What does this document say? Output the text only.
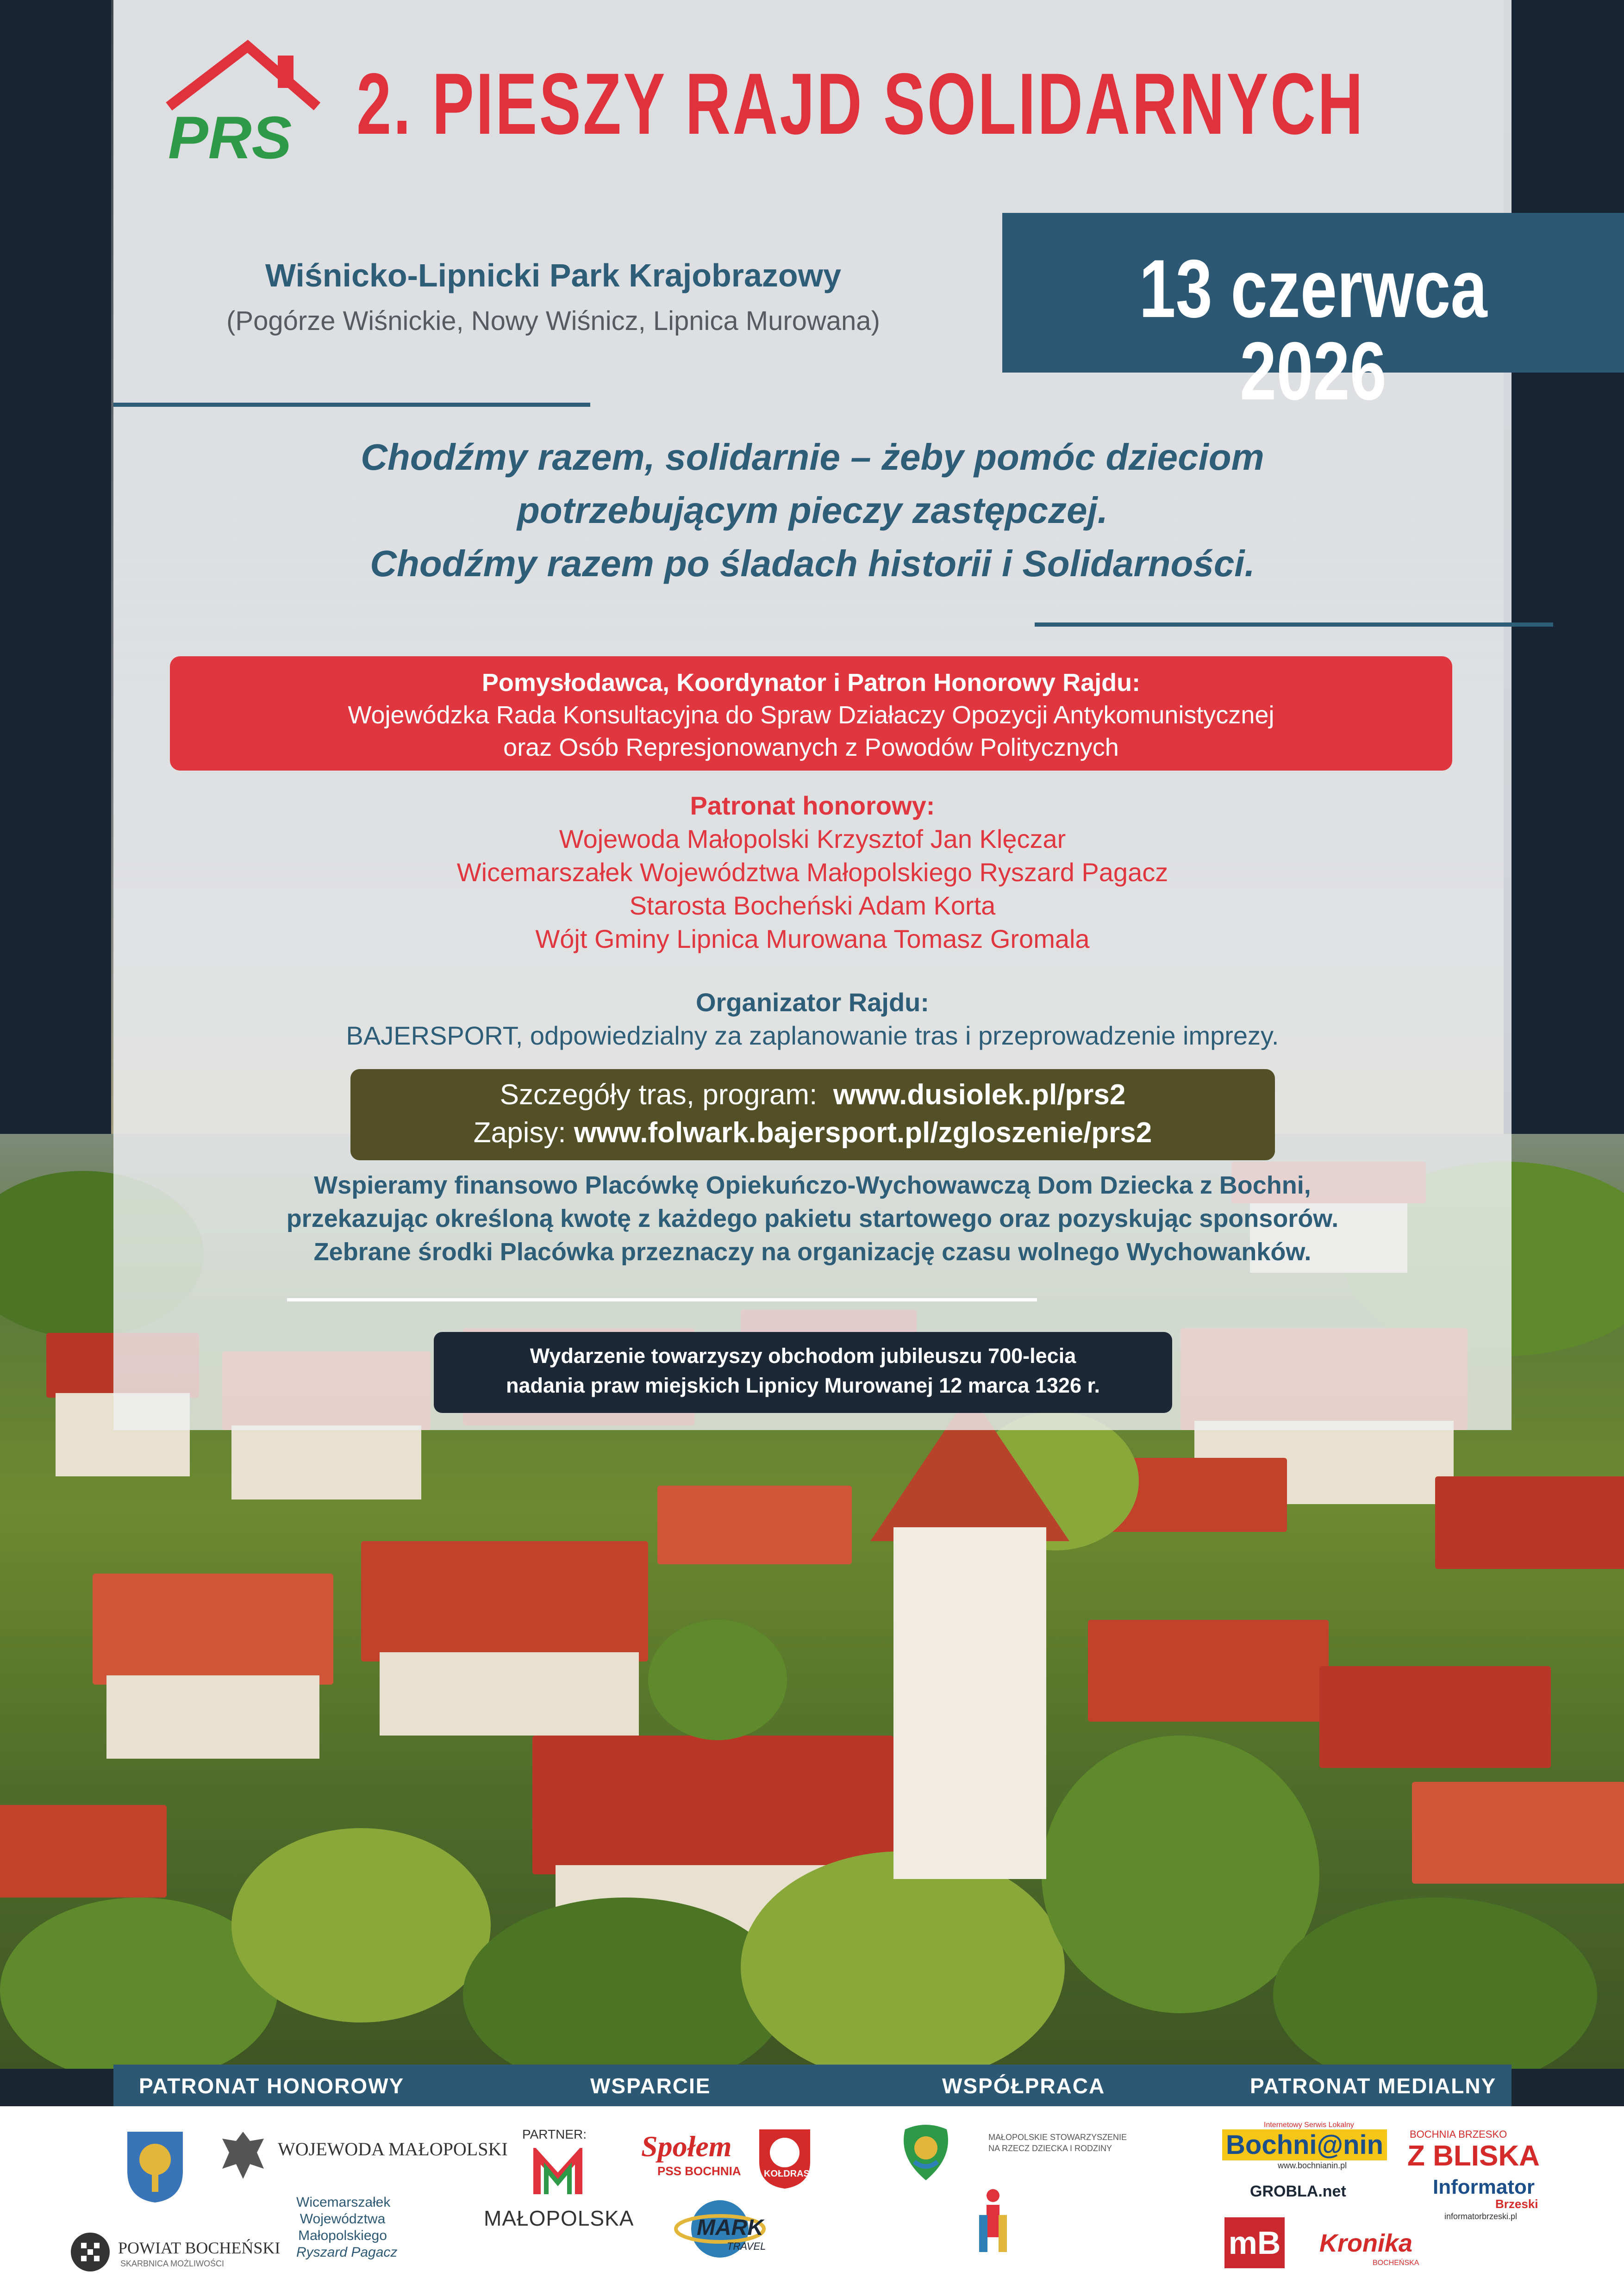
PRS 2. PIESZY RAJD SOLIDARNYCH
Wiśnicko-Lipnicki Park Krajobrazowy
(Pogórze Wiśnickie, Nowy Wiśnicz, Lipnica Murowana)	13 czerwca 2026
Chodźmy razem, solidarnie – żeby pomóc dzieciom
potrzebującym pieczy zastępczej.
Chodźmy razem po śladach historii i Solidarności.
Pomysłodawca, Koordynator i Patron Honorowy Rajdu:
Wojewódzka Rada Konsultacyjna do Spraw Działaczy Opozycji Antykomunistycznej
oraz Osób Represjonowanych z Powodów Politycznych
Patronat honorowy:
Wojewoda Małopolski Krzysztof Jan Klęczar
Wicemarszałek Województwa Małopolskiego Ryszard Pagacz
Starosta Bocheński Adam Korta
Wójt Gminy Lipnica Murowana Tomasz Gromala
Organizator Rajdu:
BAJERSPORT, odpowiedzialny za zaplanowanie tras i przeprowadzenie imprezy.
Szczegóły tras, program: www.dusiolek.pl/prs2
Zapisy: www.folwark.bajersport.pl/zgloszenie/prs2
Wspieramy finansowo Placówkę Opiekuńczo-Wychowawczą Dom Dziecka z Bochni,
przekazując określoną kwotę z każdego pakietu startowego oraz pozyskując sponsorów.
Zebrane środki Placówka przeznaczy na organizację czasu wolnego Wychowanków.
Wydarzenie towarzyszy obchodom jubileuszu 700-lecia
nadania praw miejskich Lipnicy Murowanej 12 marca 1326 r.
PATRONAT HONOROWY	WSPARCIE	WSPÓŁPRACA	PATRONAT MEDIALNY
WOJEWODA MAŁOPOLSKI
POWIAT BOCHEŃSKI
SKARBNICA MOŻLIWOŚCI
Wicemarszałek
Województwa
Małopolskiego
Ryszard Pagacz
PARTNER:
MAŁOPOLSKA
Społem
PSS BOCHNIA KOŁDRAS
MARK
TRAVEL
MAŁOPOLSKIE STOWARZYSZENIE
NA RZECZ DZIECKA I RODZINY
Internetowy Serwis Lokalny
Bochni@nin
www.bochnianin.pl
BOCHNIA BRZESKO
Z BLISKA
GROBLA.net	Informator
Brzeski
informatorbrzeski.pl
mB Kronika
BOCHEŃSKA
